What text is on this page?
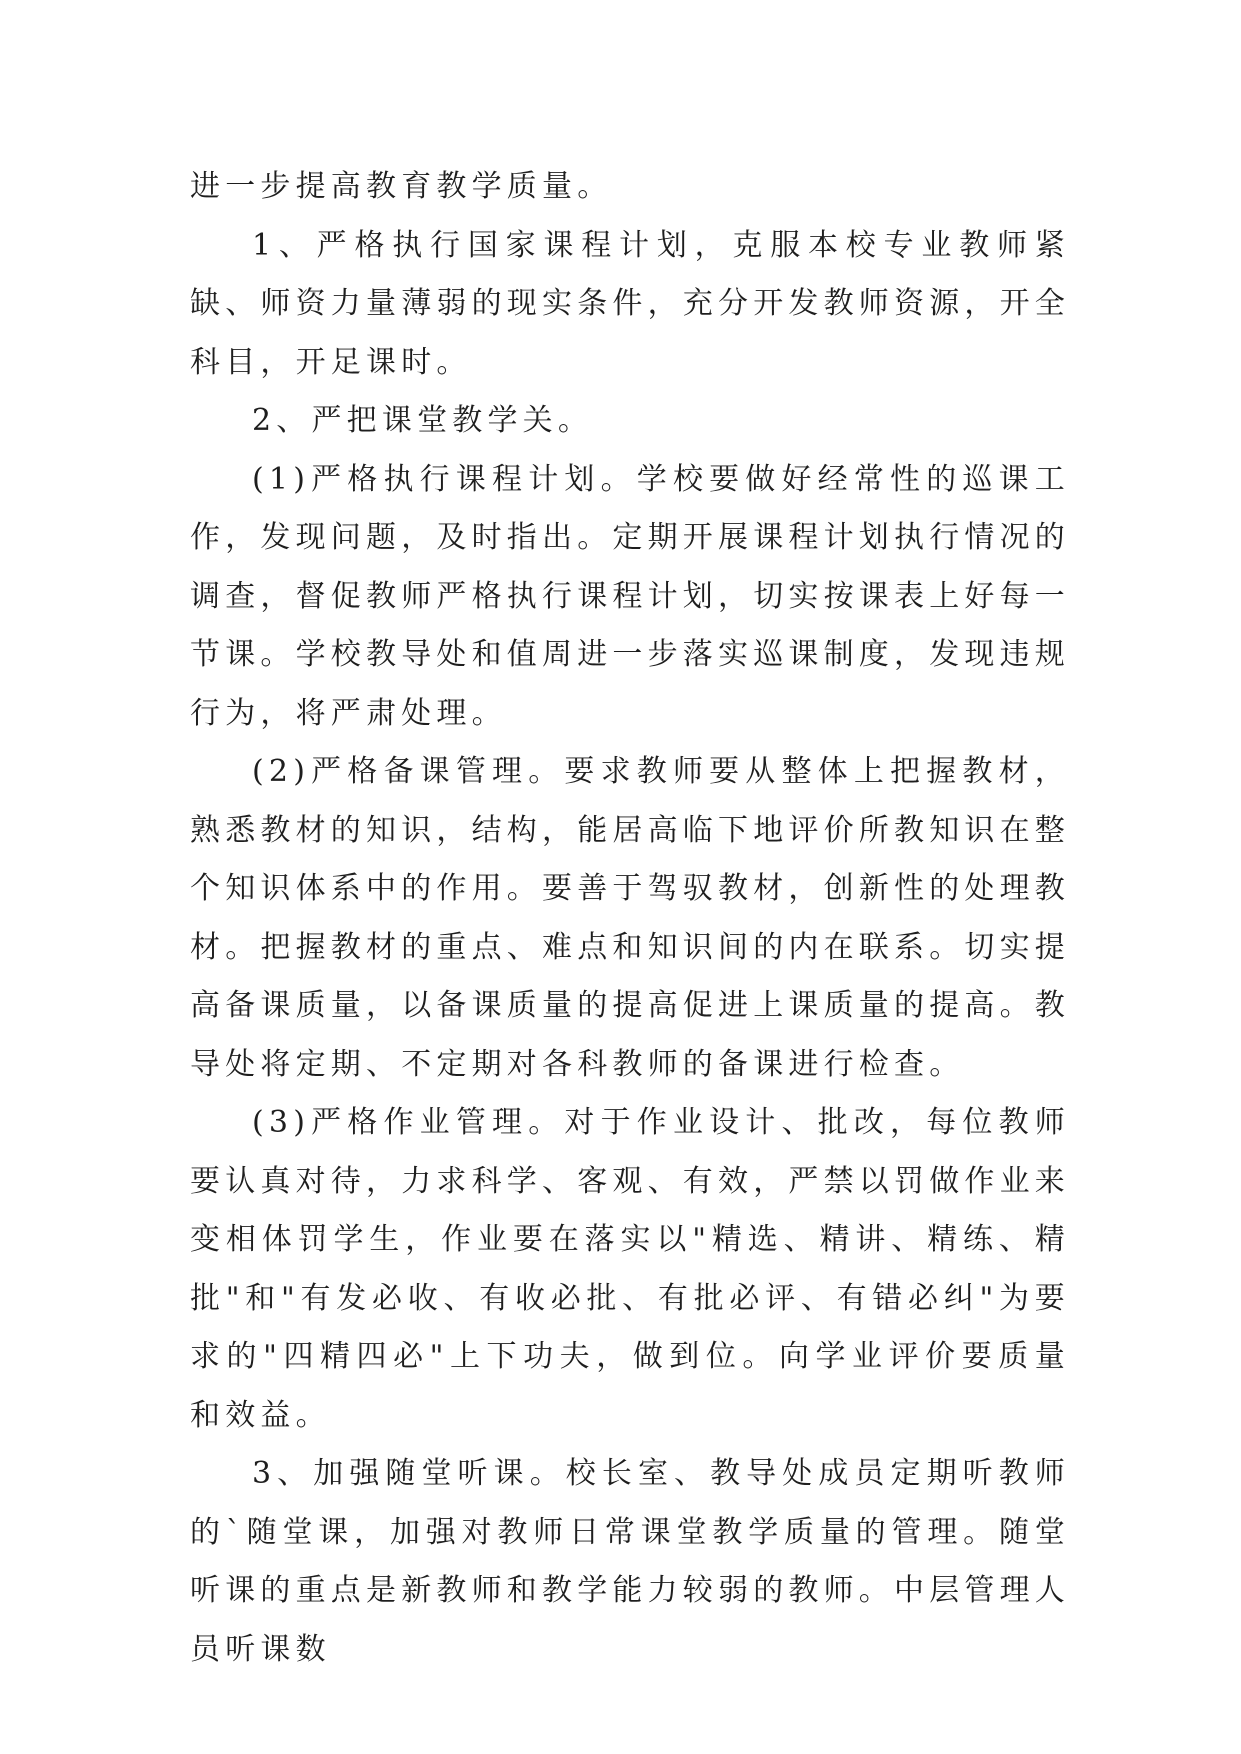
进一步提高教育教学质量。

1、严格执行国家课程计划，克服本校专业教师紧缺、师资力量薄弱的现实条件，充分开发教师资源，开全科目，开足课时。

2、严把课堂教学关。

(1)严格执行课程计划。学校要做好经常性的巡课工作，发现问题，及时指出。定期开展课程计划执行情况的调查，督促教师严格执行课程计划，切实按课表上好每一节课。学校教导处和值周进一步落实巡课制度，发现违规行为，将严肃处理。

(2)严格备课管理。要求教师要从整体上把握教材，熟悉教材的知识，结构，能居高临下地评价所教知识在整个知识体系中的作用。要善于驾驭教材，创新性的处理教材。把握教材的重点、难点和知识间的内在联系。切实提高备课质量，以备课质量的提高促进上课质量的提高。教导处将定期、不定期对各科教师的备课进行检查。

(3)严格作业管理。对于作业设计、批改，每位教师要认真对待，力求科学、客观、有效，严禁以罚做作业来变相体罚学生，作业要在落实以"精选、精讲、精练、精批"和"有发必收、有收必批、有批必评、有错必纠"为要求的"四精四必"上下功夫，做到位。向学业评价要质量和效益。

3、加强随堂听课。校长室、教导处成员定期听教师的`随堂课，加强对教师日常课堂教学质量的管理。随堂听课的重点是新教师和教学能力较弱的教师。中层管理人员听课数
